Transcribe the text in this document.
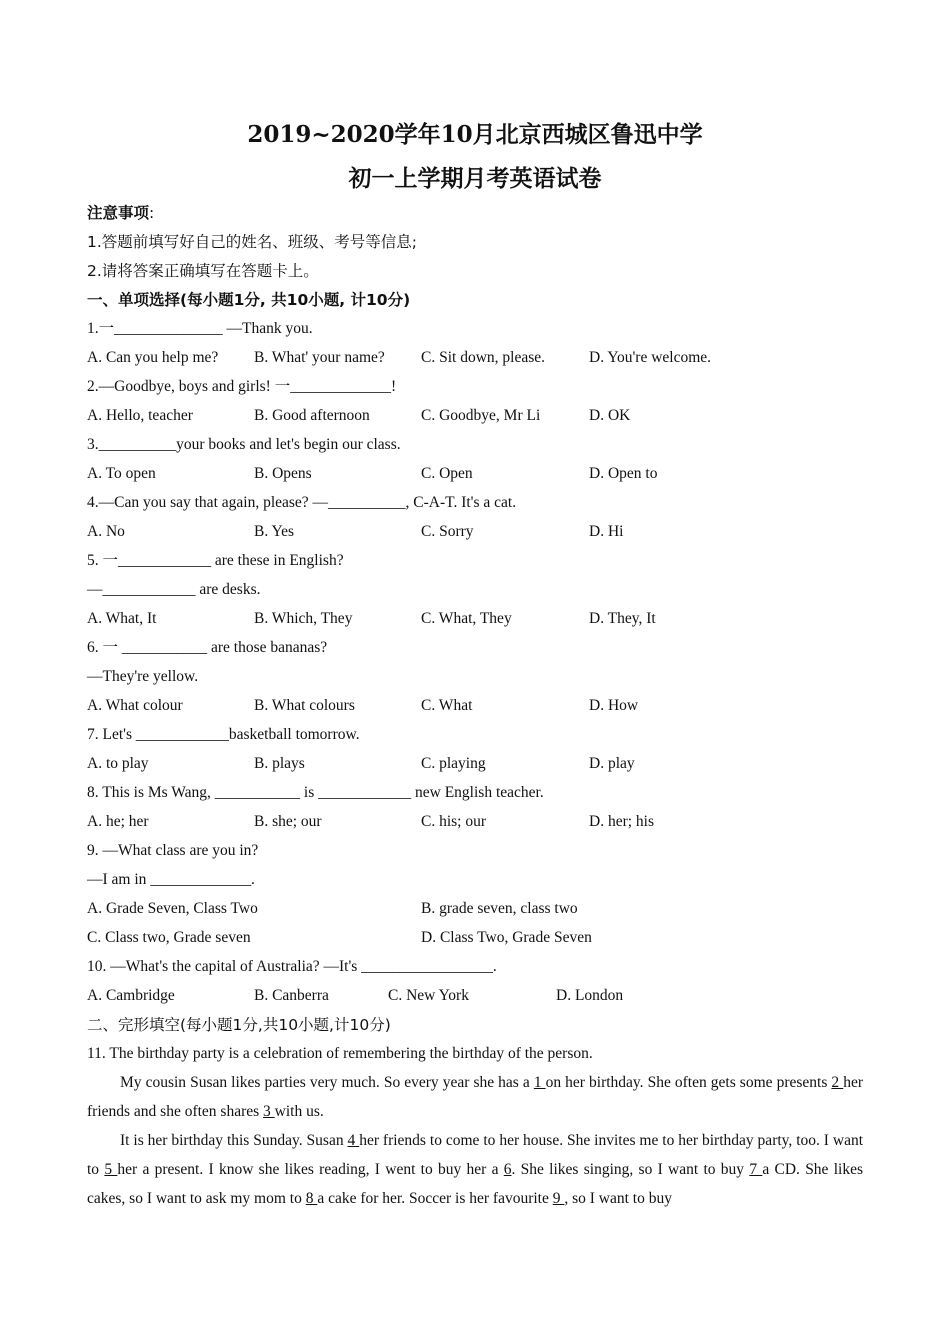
2019~2020学年10月北京西城区鲁迅中学
初一上学期月考英语试卷
注意事项:
1.答题前填写好自己的姓名、班级、考号等信息;
2.请将答案正确填写在答题卡上。
一、单项选择(每小题1分, 共10小题, 计10分)
1.一______________ —Thank you.
A. Can you help me? B. What' your name? C. Sit down, please.	D. You're welcome.
2.—Goodbye, boys and girls! 一_____________!
A. Hello, teacher	B. Good afternoon	C. Goodbye, Mr Li	D. OK
3.__________your books and let's begin our class.
A. To open	B. Opens	C. Open	D. Open to
4.—Can you say that again, please? —__________, C-A-T. It's a cat.
A. No	B. Yes	C. Sorry	D. Hi
5. 一____________ are these in English?
—____________ are desks.
A. What, It	B. Which, They	C. What, They	D. They, It
6. 一 ___________ are those bananas?
—They're yellow.
A. What colour	B. What colours	C. What	D. How
7. Let's ____________basketball tomorrow.
A. to play	B. plays	C. playing	D. play
8. This is Ms Wang, ___________ is ____________ new English teacher.
A. he; her	B. she; our	C. his; our	D. her; his
9. —What class are you in?
—I am in _____________.
A. Grade Seven, Class Two	B. grade seven, class two
C. Class two, Grade seven	D. Class Two, Grade Seven
10. —What's the capital of Australia? —It's _________________.
A. Cambridge	B. Canberra	C. New York	D. London
二、完形填空(每小题1分,共10小题,计10分)
11. The birthday party is a celebration of remembering the birthday of the person.
My cousin Susan likes parties very much. So every year she has a 1 on her birthday. She often gets some presents 2 her friends and she often shares 3 with us.
It is her birthday this Sunday. Susan 4 her friends to come to her house. She invites me to her birthday party, too. I want to 5 her a present. I know she likes reading, I went to buy her a 6. She likes singing, so I want to buy 7 a CD. She likes cakes, so I want to ask my mom to 8 a cake for her. Soccer is her favourite 9 , so I want to buy
